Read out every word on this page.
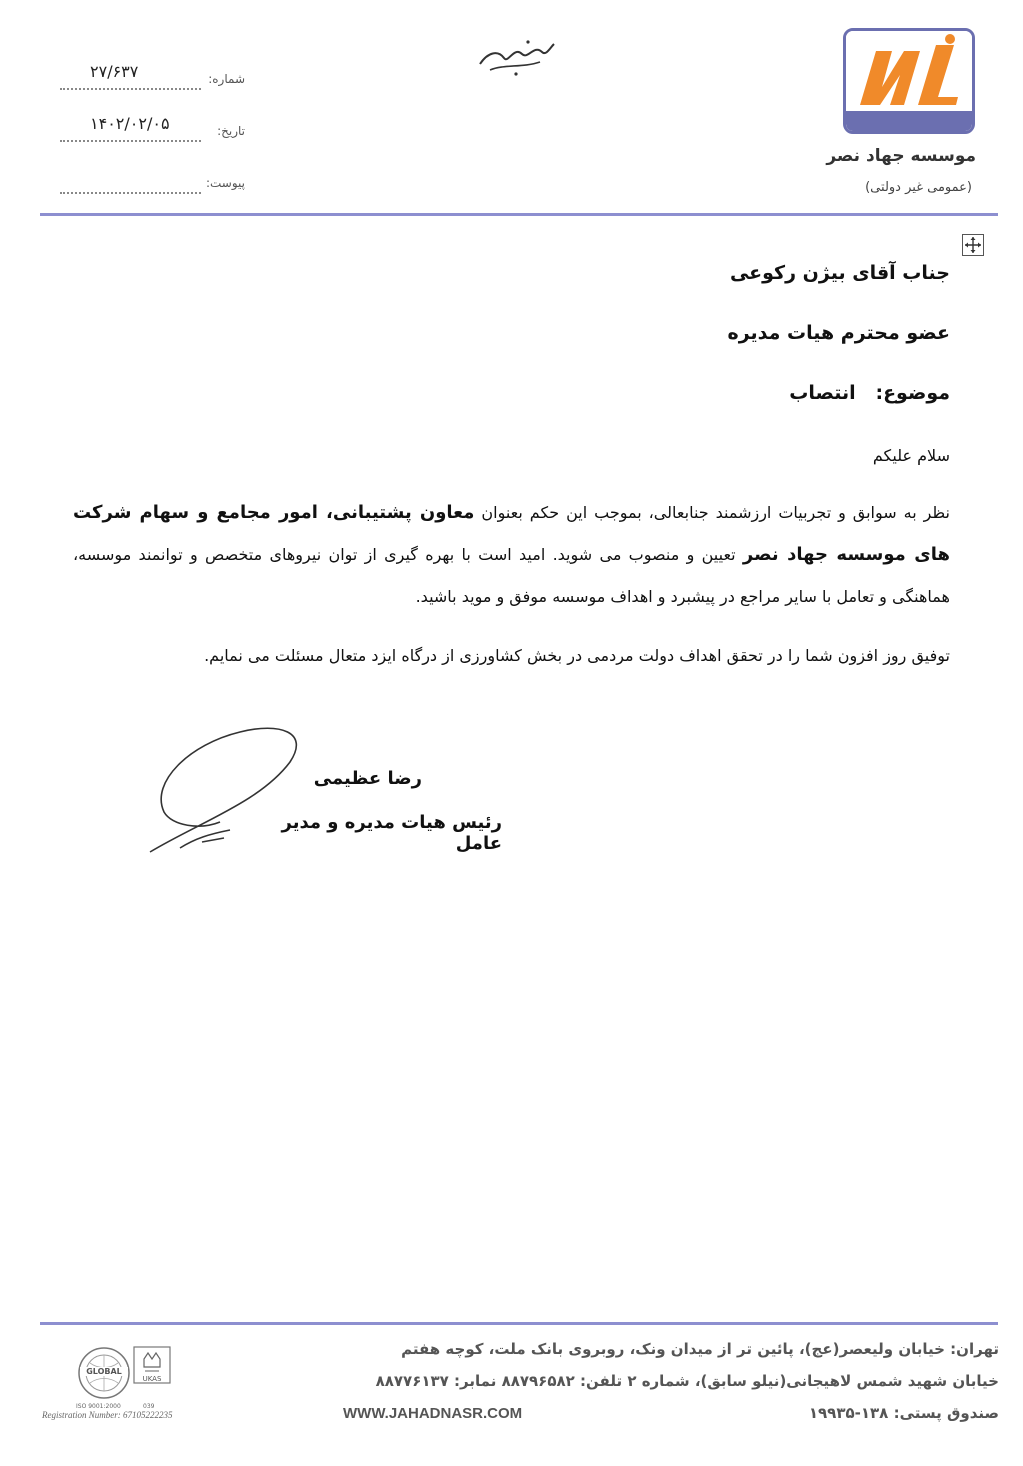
موسسه جهاد نصر
(عمومی غیر دولتی)
شماره:
۲۷/۶۳۷
تاریخ:
۱۴۰۲/۰۲/۰۵
پیوست:
جناب آقای بیژن رکوعی
عضو محترم هیات مدیره
موضوع:   انتصاب
سلام علیکم
نظر به سوابق و تجربیات ارزشمند جنابعالی، بموجب این حکم بعنوان معاون پشتیبانی، امور مجامع و سهام شرکت های موسسه جهاد نصر تعیین و منصوب می شوید. امید است با بهره گیری از توان نیروهای متخصص و توانمند موسسه، هماهنگی و تعامل با سایر مراجع در پیشبرد و اهداف موسسه موفق و موید باشید.
توفیق روز افزون شما را در تحقق اهداف دولت مردمی در بخش کشاورزی از درگاه ایزد متعال مسئلت می نمایم.
رضا عظیمی
رئیس هیات مدیره و مدیر عامل
تهران: خیابان ولیعصر(عج)، پائین تر از میدان ونک، روبروی بانک ملت، کوچه هفتم
خیابان شهید شمس لاهیجانی(نیلو سابق)، شماره ۲ تلفن: ۸۸۷۹۶۵۸۲ نمابر: ۸۸۷۷۶۱۳۷
صندوق پستی: ۱۳۸-۱۹۹۳۵
WWW.JAHADNASR.COM
GLOBAL
UKAS
ISO 9001:2000	039
Registration Number: 67105222235
